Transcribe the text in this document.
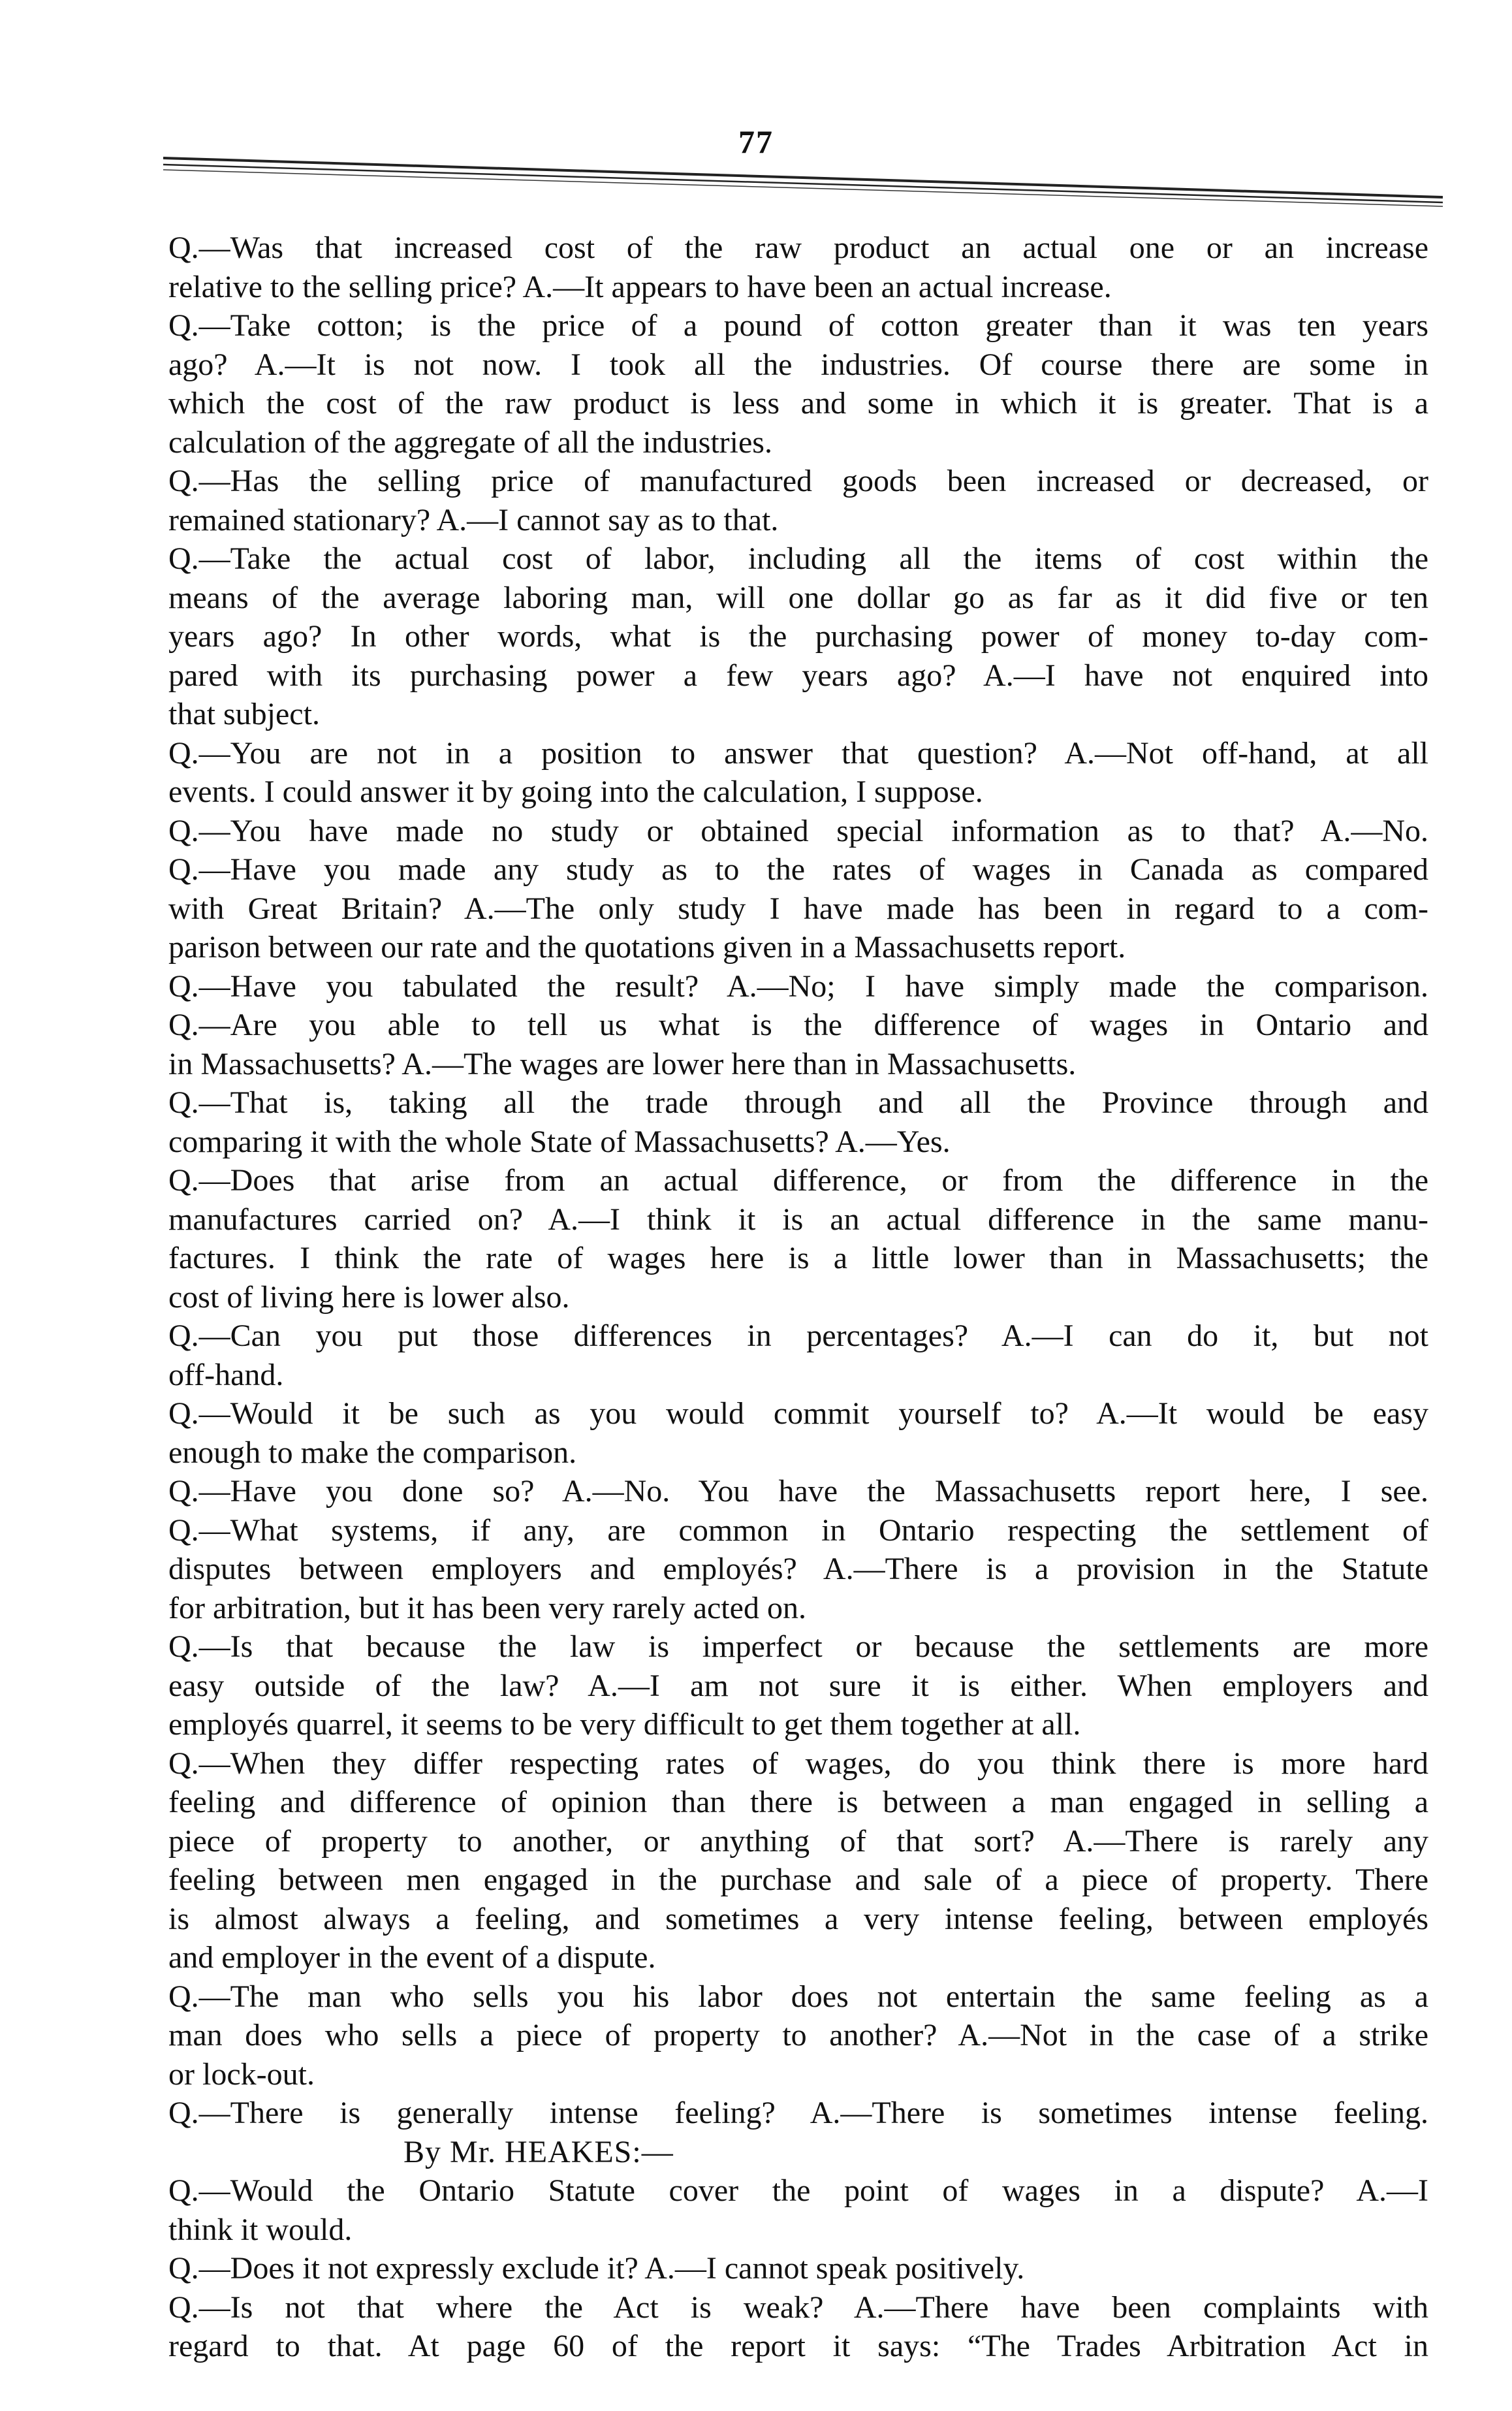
77
Q.—Was that increased cost of the raw product an actual one or an increase
relative to the selling price? A.—It appears to have been an actual increase.
Q.—Take cotton; is the price of a pound of cotton greater than it was ten years
ago? A.—It is not now. I took all the industries. Of course there are some in
which the cost of the raw product is less and some in which it is greater. That is a
calculation of the aggregate of all the industries.
Q.—Has the selling price of manufactured goods been increased or decreased, or
remained stationary? A.—I cannot say as to that.
Q.—Take the actual cost of labor, including all the items of cost within the
means of the average laboring man, will one dollar go as far as it did five or ten
years ago? In other words, what is the purchasing power of money to-day com-
pared with its purchasing power a few years ago? A.—I have not enquired into
that subject.
Q.—You are not in a position to answer that question? A.—Not off-hand, at all
events. I could answer it by going into the calculation, I suppose.
Q.—You have made no study or obtained special information as to that? A.—No.
Q.—Have you made any study as to the rates of wages in Canada as compared
with Great Britain? A.—The only study I have made has been in regard to a com-
parison between our rate and the quotations given in a Massachusetts report.
Q.—Have you tabulated the result? A.—No; I have simply made the comparison.
Q.—Are you able to tell us what is the difference of wages in Ontario and
in Massachusetts? A.—The wages are lower here than in Massachusetts.
Q.—That is, taking all the trade through and all the Province through and
comparing it with the whole State of Massachusetts? A.—Yes.
Q.—Does that arise from an actual difference, or from the difference in the
manufactures carried on? A.—I think it is an actual difference in the same manu-
factures. I think the rate of wages here is a little lower than in Massachusetts; the
cost of living here is lower also.
Q.—Can you put those differences in percentages? A.—I can do it, but not
off-hand.
Q.—Would it be such as you would commit yourself to? A.—It would be easy
enough to make the comparison.
Q.—Have you done so? A.—No. You have the Massachusetts report here, I see.
Q.—What systems, if any, are common in Ontario respecting the settlement of
disputes between employers and employés? A.—There is a provision in the Statute
for arbitration, but it has been very rarely acted on.
Q.—Is that because the law is imperfect or because the settlements are more
easy outside of the law? A.—I am not sure it is either. When employers and
employés quarrel, it seems to be very difficult to get them together at all.
Q.—When they differ respecting rates of wages, do you think there is more hard
feeling and difference of opinion than there is between a man engaged in selling a
piece of property to another, or anything of that sort? A.—There is rarely any
feeling between men engaged in the purchase and sale of a piece of property. There
is almost always a feeling, and sometimes a very intense feeling, between employés
and employer in the event of a dispute.
Q.—The man who sells you his labor does not entertain the same feeling as a
man does who sells a piece of property to another? A.—Not in the case of a strike
or lock-out.
Q.—There is generally intense feeling? A.—There is sometimes intense feeling.
By Mr. HEAKES:—
Q.—Would the Ontario Statute cover the point of wages in a dispute? A.—I
think it would.
Q.—Does it not expressly exclude it? A.—I cannot speak positively.
Q.—Is not that where the Act is weak? A.—There have been complaints with
regard to that. At page 60 of the report it says: “The Trades Arbitration Act in
